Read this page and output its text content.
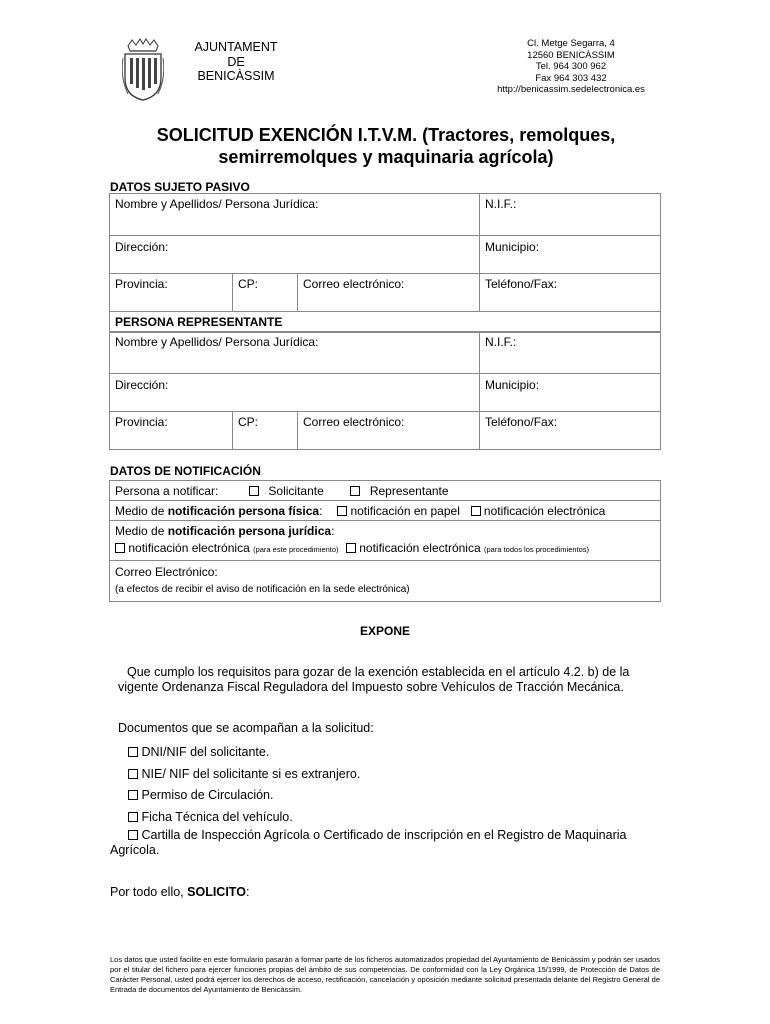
AJUNTAMENT
DE
BENICÀSSIM
Cl. Metge Segarra, 4
12560 BENICÀSSIM
Tel. 964 300 962
Fax 964 303 432
http://benicassim.sedelectronica.es
SOLICITUD EXENCIÓN I.T.V.M. (Tractores, remolques,
semirremolques y maquinaria agrícola)
DATOS SUJETO PASIVO
Nombre y Apellidos/ Persona Jurídica:			N.I.F.:
Dirección:			Municipio:
Provincia:	CP:	Correo electrónico:	Teléfono/Fax:
PERSONA REPRESENTANTE			
Nombre y Apellidos/ Persona Jurídica:			N.I.F.:
Dirección:			Municipio:
Provincia:	CP:	Correo electrónico:	Teléfono/Fax:
DATOS DE NOTIFICACIÓN
Persona a notificar:	Solicitante	Representante
Medio de notificación persona física: notificación en papel notificación electrónica

Medio de notificación persona jurídica:
notificación electrónica (para este procedimiento) notificación electrónica (para todos los procedimientos)

Correo Electrónico:
(a efectos de recibir el aviso de notificación en la sede electrónica)
EXPONE
Que cumplo los requisitos para gozar de la exención establecida en el artículo 4.2. b) de la
vigente Ordenanza Fiscal Reguladora del Impuesto sobre Vehículos de Tracción Mecánica.
Documentos que se acompañan a la solicitud:
DNI/NIF del solicitante.
NIE/ NIF del solicitante si es extranjero.
Permiso de Circulación.
Ficha Técnica del vehículo.
Cartilla de Inspección Agrícola o Certificado de inscripción en el Registro de Maquinaria
Agrícola.
Por todo ello, SOLICITO:
Los datos que usted facilite en este formulario pasarán a formar parte de los ficheros automatizados propiedad del Ayuntamiento de Benicàssim y podrán ser usados por el titular del fichero para ejercer funciones propias del ámbito de sus competencias. De conformidad con la Ley Orgánica 15/1999, de Protección de Datos de Carácter Personal, usted podrá ejercer los derechos de acceso, rectificación, cancelación y oposición mediante solicitud presentada delante del Registro General de Entrada de documentos del Ayuntamiento de Benicàssim.
